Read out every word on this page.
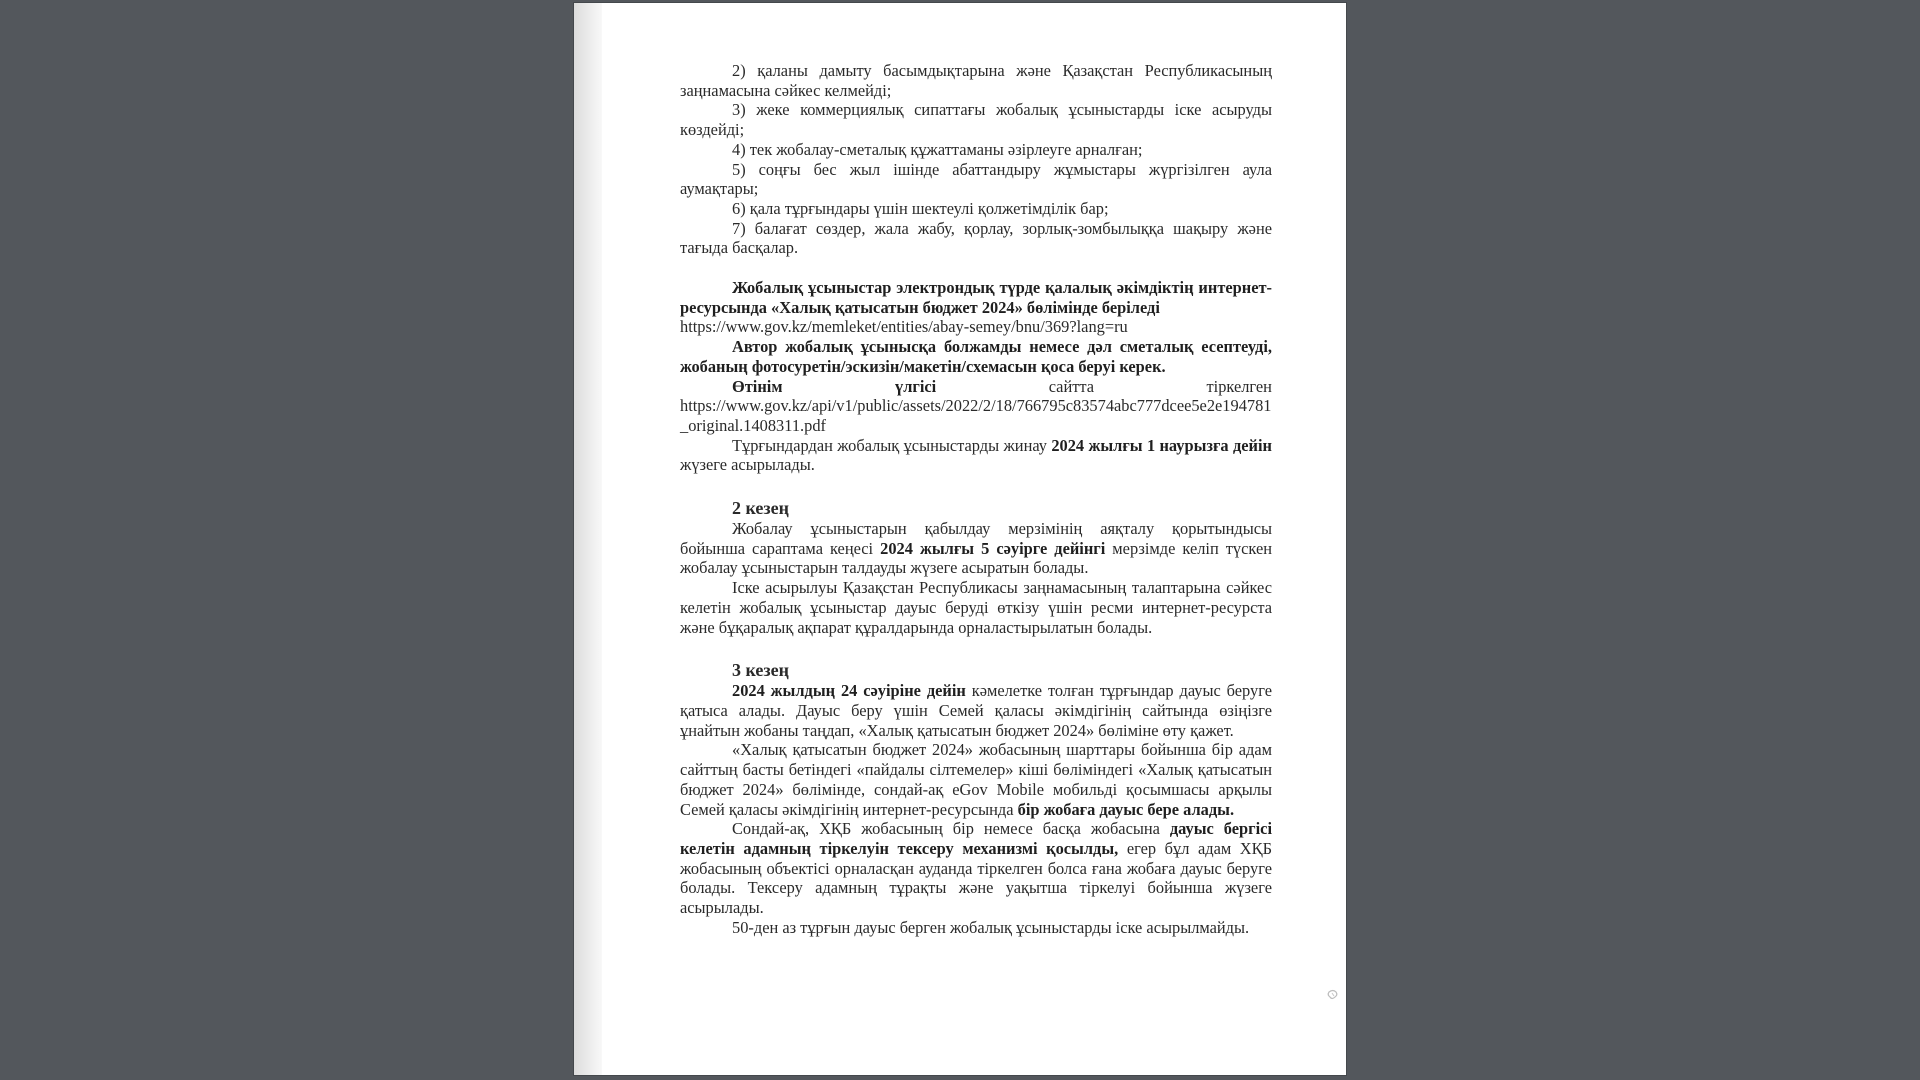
2) қаланы дамыту басымдықтарына және Қазақстан Республикасының заңнамасына сәйкес келмейді;

3) жеке коммерциялық сипаттағы жобалық ұсыныстарды іске асыруды көздейді;

4) тек жобалау-сметалық құжаттаманы әзірлеуге арналған;

5) соңғы бес жыл ішінде абаттандыру жұмыстары жүргізілген аула аумақтары;

6) қала тұрғындары үшін шектеулі қолжетімділік бар;

7) балағат сөздер, жала жабу, қорлау, зорлық-зомбылыққа шақыру және тағыда басқалар.

Жобалық ұсыныстар электрондық түрде қалалық әкімдіктің интернет-ресурсында «Халық қатысатын бюджет 2024» бөлімінде беріледі
https://www.gov.kz/memleket/entities/abay-semey/bnu/369?lang=ru

Автор жобалық ұсынысқа болжамды немесе дәл сметалық есептеуді, жобаның фотосуретін/эскизін/макетін/схемасын қоса беруі керек.

Өтінім	үлгісі	сайтта	тіркелген

https://www.gov.kz/api/v1/public/assets/2022/2/18/766795c83574abc777dcee5e2e194781_original.1408311.pdf

Тұрғындардан жобалық ұсыныстарды жинау 2024 жылғы 1 наурызға дейін жүзеге асырылады.

2 кезең

Жобалау ұсыныстарын қабылдау мерзімінің аяқталу қорытындысы бойынша сараптама кеңесі 2024 жылғы 5 сәуірге дейінгі мерзімде келіп түскен жобалау ұсыныстарын талдауды жүзеге асыратын болады.

Іске асырылуы Қазақстан Республикасы заңнамасының талаптарына сәйкес келетін жобалық ұсыныстар дауыс беруді өткізу үшін ресми интернет-ресурста және бұқаралық ақпарат құралдарында орналастырылатын болады.

3 кезең

2024 жылдың 24 сәуіріне дейін кәмелетке толған тұрғындар дауыс беруге қатыса алады. Дауыс беру үшін Семей қаласы әкімдігінің сайтында өзіңізге ұнайтын жобаны таңдап, «Халық қатысатын бюджет 2024» бөліміне өту қажет.

«Халық қатысатын бюджет 2024» жобасының шарттары бойынша бір адам сайттың басты бетіндегі «пайдалы сілтемелер» кіші бөліміндегі «Халық қатысатын бюджет 2024» бөлімінде, сондай-ақ eGov Mobile мобильді қосымшасы арқылы Семей қаласы әкімдігінің интернет-ресурсында бір жобаға дауыс бере алады.

Сондай-ақ, ХҚБ жобасының бір немесе басқа жобасына дауыс бергісі келетін адамның тіркелуін тексеру механизмі қосылды, егер бұл адам ХҚБ жобасының объектісі орналасқан ауданда тіркелген болса ғана жобаға дауыс беруге болады. Тексеру адамның тұрақты және уақытша тіркелуі бойынша жүзеге асырылады.

50-ден аз тұрғын дауыс берген жобалық ұсыныстарды іске асырылмайды.
